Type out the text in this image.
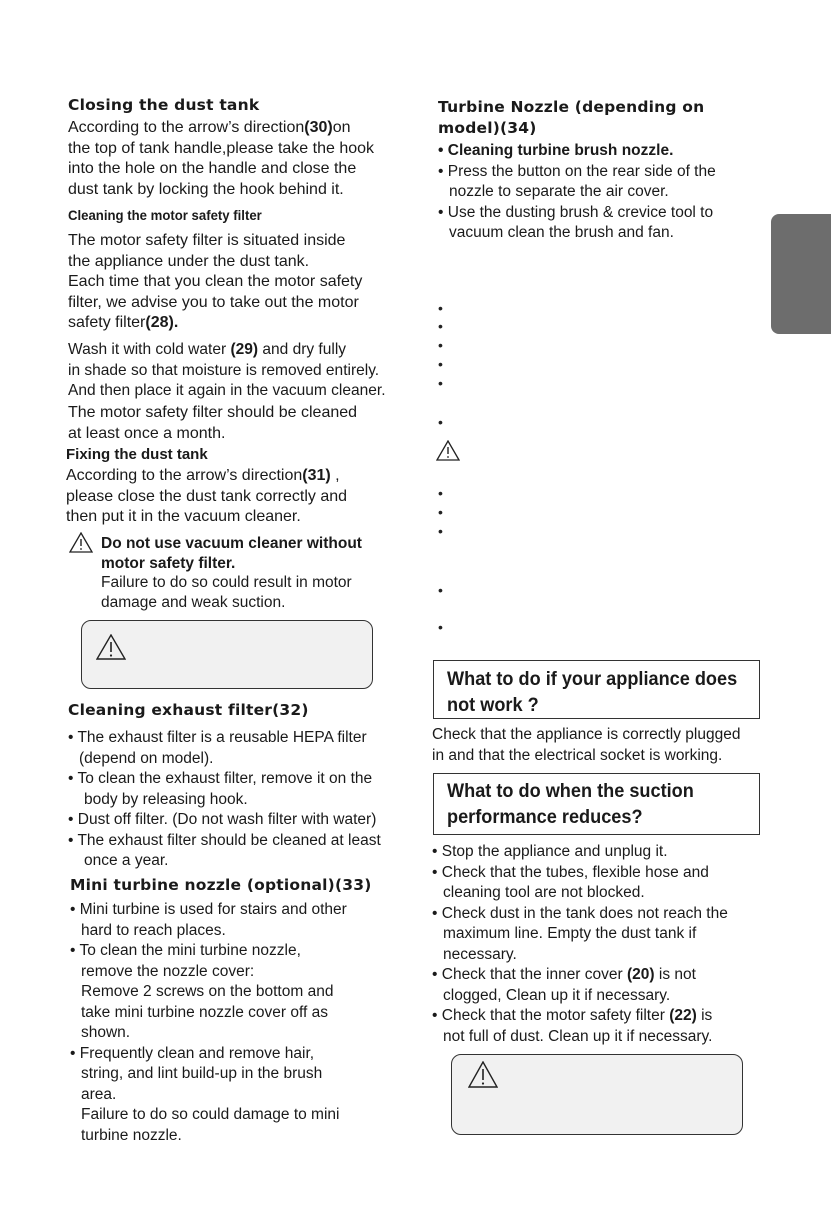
Closing the dust tank
According to the arrow’s direction(30)on
the top of tank handle,please take the hook
into the hole on the handle and close the
dust tank by locking the hook behind it.
Cleaning the motor safety filter
The motor safety filter is situated inside
the appliance under the dust tank.
Each time that you clean the motor safety
filter, we advise you to take out the motor
safety filter(28).
Wash it with cold water (29) and dry fully
in shade so that moisture is removed entirely.
And then place it again in the vacuum cleaner.
The motor safety filter should be cleaned
at least once a month.
Fixing the dust tank
According to the arrow’s direction(31) ,
please close the dust tank correctly and
then put it in the vacuum cleaner.
Do not use vacuum cleaner without
motor safety filter.
Failure to do so could result in motor
damage and weak suction.
Cleaning exhaust filter(32)
• The exhaust filter is a reusable HEPA filter
(depend on model).
• To clean the exhaust filter, remove it on the
body by releasing hook.
• Dust off filter. (Do not wash filter with water)
• The exhaust filter should be cleaned at least
once a year.
Mini turbine nozzle (optional)(33)
• Mini turbine is used for stairs and other
hard to reach places.
• To clean the mini turbine nozzle,
remove the nozzle cover:
Remove 2 screws on the bottom and
take mini turbine nozzle cover off as
shown.
• Frequently clean and remove hair,
string, and lint build-up in the brush
area.
Failure to do so could damage to mini
turbine nozzle.
Turbine Nozzle (depending on
model)(34)
• Cleaning turbine brush nozzle.
• Press the button on the rear side of the
nozzle to separate the air cover.
• Use the dusting brush & crevice tool to
vacuum clean the brush and fan.
•
•
•
•
•
•
•
•
•
•
•
What to do if your appliance does
not work ?
Check that the appliance is correctly plugged
in and that the electrical socket is working.
What to do when the suction
performance reduces?
• Stop the appliance and unplug it.
• Check that the tubes, flexible hose and
cleaning tool are not blocked.
• Check dust in the tank does not reach the
maximum line. Empty the dust tank if
necessary.
• Check that the inner cover (20) is not
clogged, Clean up it if necessary.
• Check that the motor safety filter (22) is
not full of dust. Clean up it if necessary.
